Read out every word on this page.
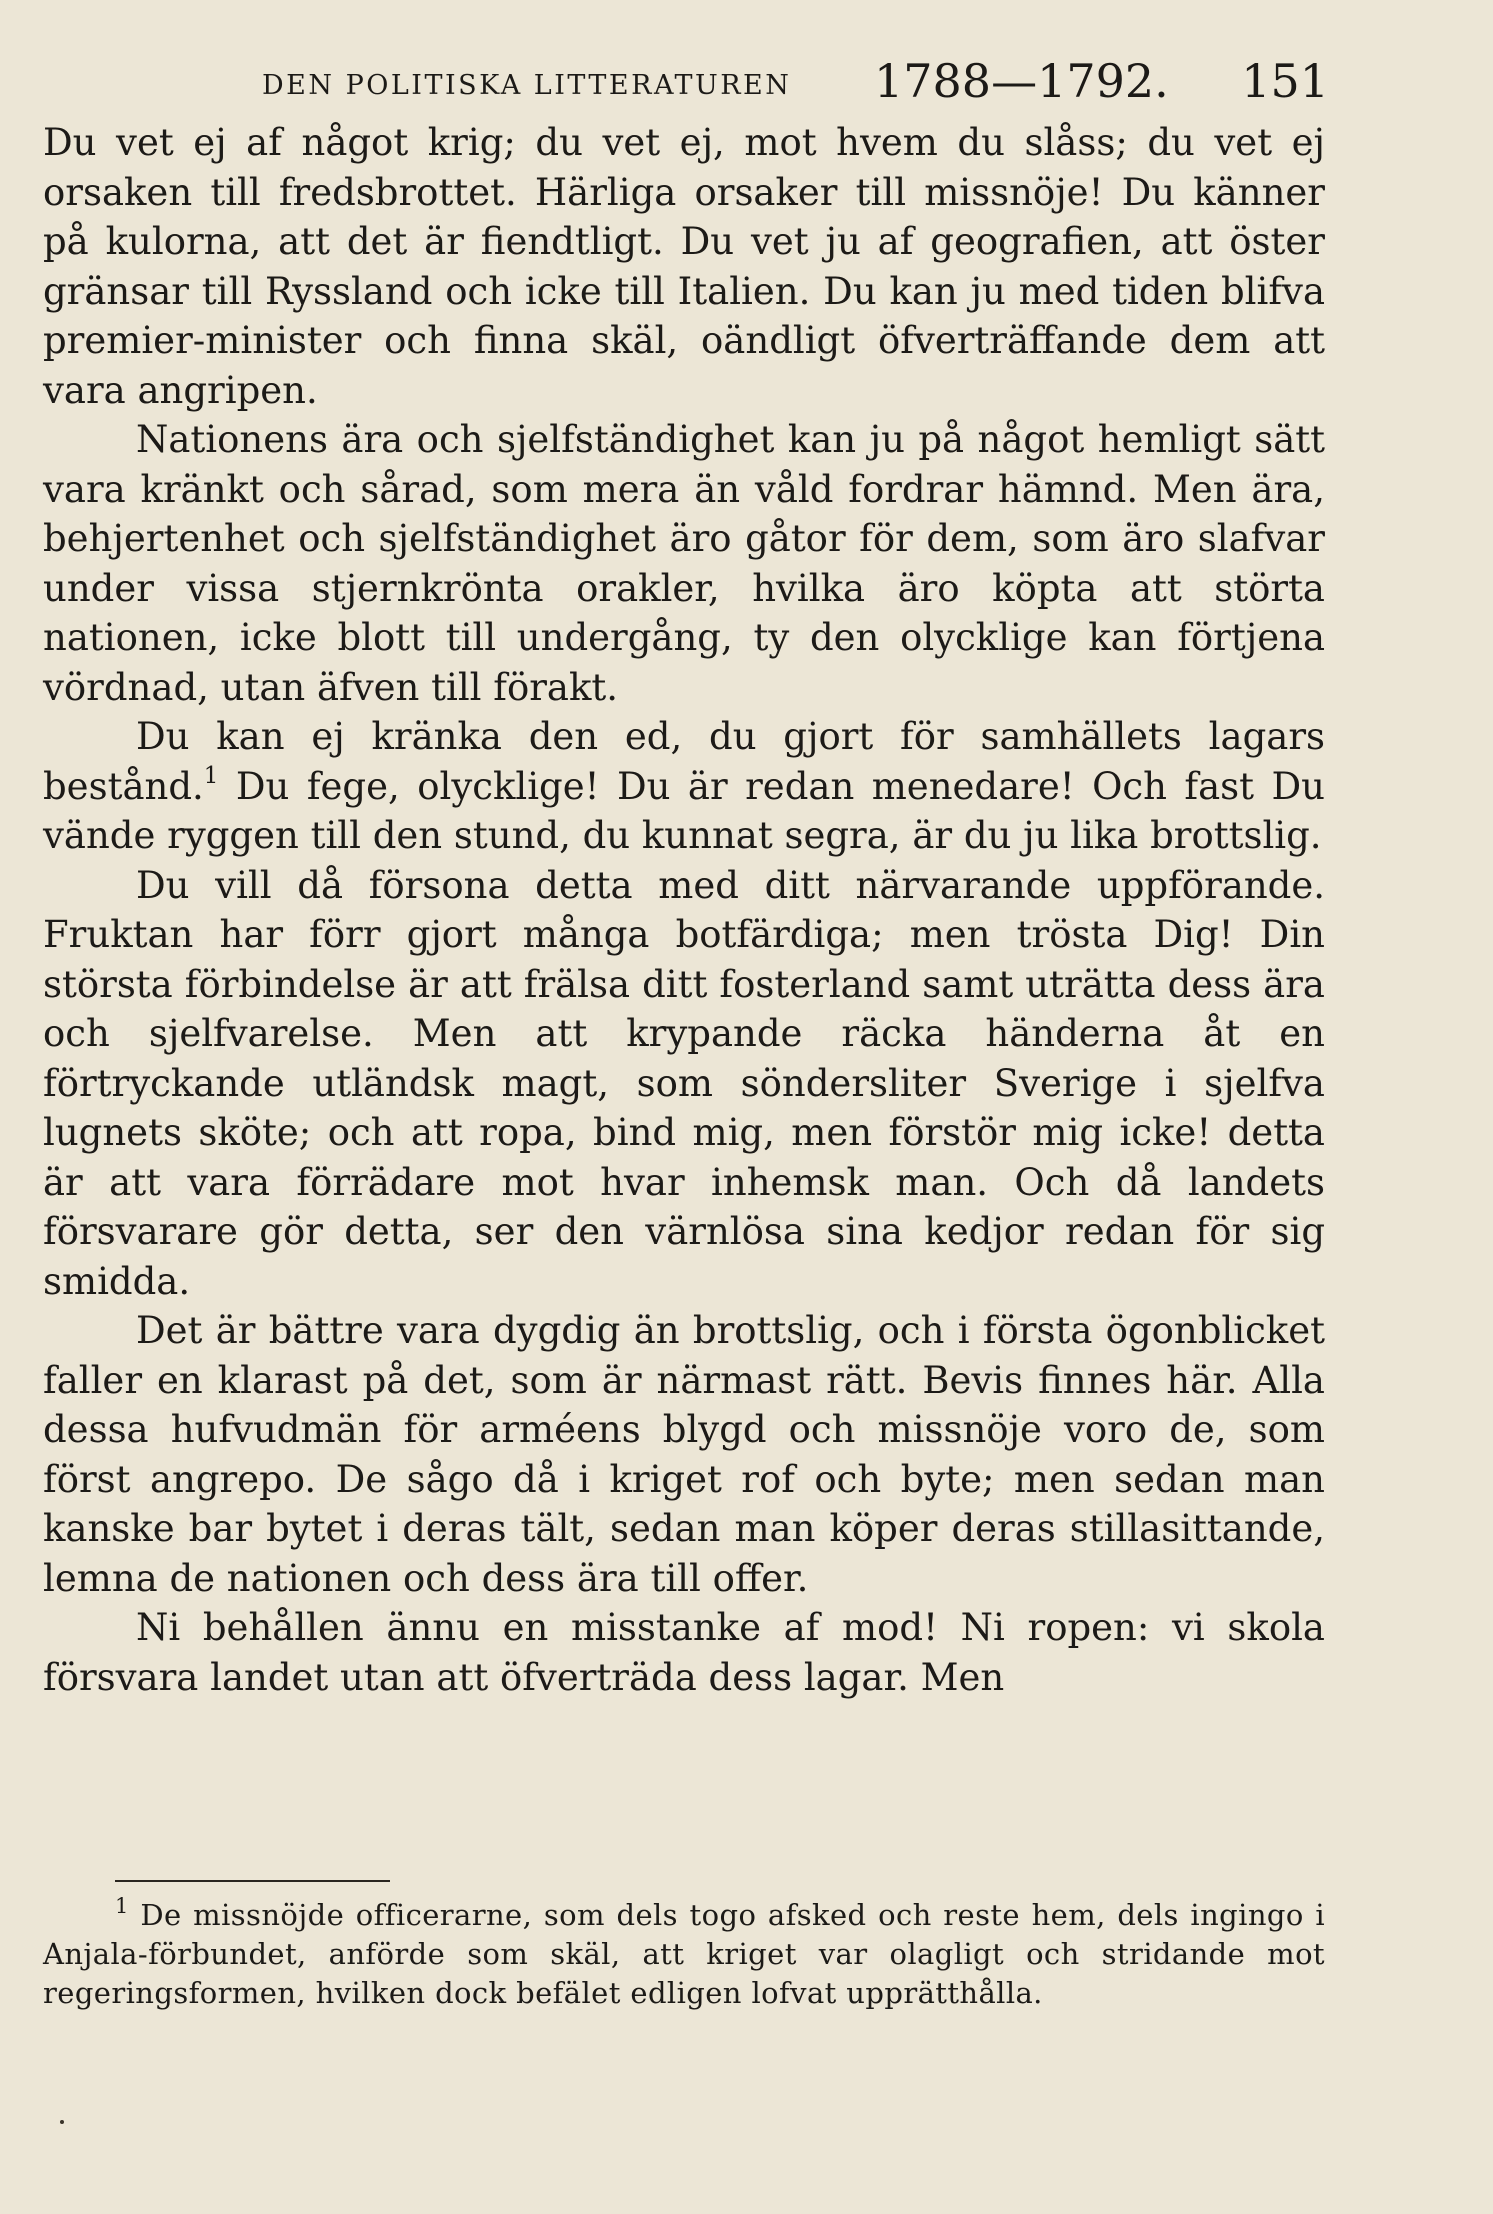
DEN POLITISKA LITTERATUREN 1788—1792. 151

Du vet ej af något krig; du vet ej, mot hvem du slåss; du vet ej orsaken till fredsbrottet. Härliga orsaker till missnöje! Du känner på kulorna, att det är fiendtligt. Du vet ju af geografien, att öster gränsar till Ryssland och icke till Italien. Du kan ju med tiden blifva premier-minister och finna skäl, oändligt öfverträffande dem att vara angripen.

Nationens ära och sjelfständighet kan ju på något hemligt sätt vara kränkt och sårad, som mera än våld fordrar hämnd. Men ära, behjertenhet och sjelfständighet äro gåtor för dem, som äro slafvar under vissa stjernkrönta orakler, hvilka äro köpta att störta nationen, icke blott till undergång, ty den olycklige kan förtjena vördnad, utan äfven till förakt.

Du kan ej kränka den ed, du gjort för samhällets lagars bestånd.$^1$ Du fege, olycklige! Du är redan menedare! Och fast Du vände ryggen till den stund, du kunnat segra, är du ju lika brottslig.

Du vill då försona detta med ditt närvarande uppförande. Fruktan har förr gjort många botfärdiga; men trösta Dig! Din största förbindelse är att frälsa ditt fosterland samt uträtta dess ära och sjelfvarelse. Men att krypande räcka händerna åt en förtryckande utländsk magt, som söndersliter Sverige i sjelfva lugnets sköte; och att ropa, bind mig, men förstör mig icke! detta är att vara förrädare mot hvar inhemsk man. Och då landets försvarare gör detta, ser den värnlösa sina kedjor redan för sig smidda.

Det är bättre vara dygdig än brottslig, och i första ögonblicket faller en klarast på det, som är närmast rätt. Bevis finnes här. Alla dessa hufvudmän för arméens blygd och missnöje voro de, som först angrepo. De sågo då i kriget rof och byte; men sedan man kanske bar bytet i deras tält, sedan man köper deras stillasittande, lemna de nationen och dess ära till offer.

Ni behållen ännu en misstanke af mod! Ni ropen: vi skola försvara landet utan att öfverträda dess lagar. Men

$^1$ De missnöjde officerarne, som dels togo afsked och reste hem, dels ingingo i Anjala-förbundet, anförde som skäl, att kriget var olagligt och stridande mot regeringsformen, hvilken dock befälet edligen lofvat upprätthålla.
